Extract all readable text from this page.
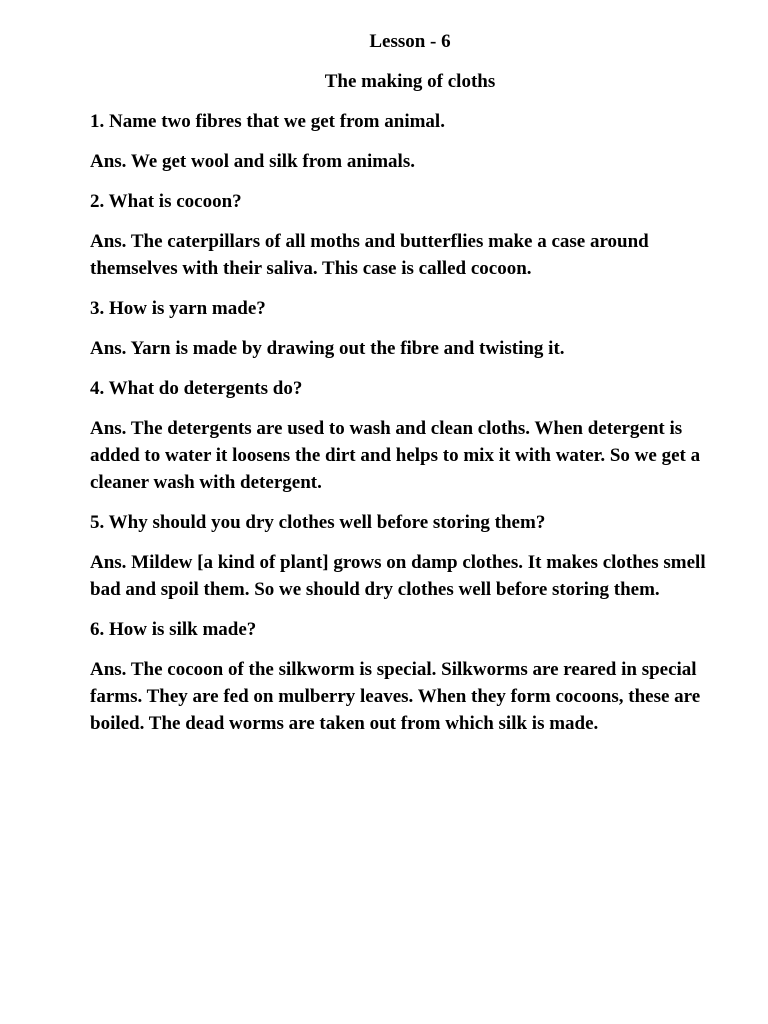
Lesson - 6

The making of cloths

1. Name two fibres that we get from animal.

Ans. We get wool and silk from animals.

2. What is cocoon?

Ans. The caterpillars of all moths and butterflies make a case around themselves with their saliva. This case is called cocoon.

3. How is yarn made?

Ans. Yarn is made by drawing out the fibre and twisting it.

4. What do detergents do?

Ans. The detergents are used to wash and clean cloths. When detergent is added to water it loosens the dirt and helps to mix it with water. So we get a cleaner wash with detergent.

5. Why should you dry clothes well before storing them?

Ans. Mildew [a kind of plant] grows on damp clothes. It makes clothes smell bad and spoil them. So we should dry clothes well before storing them.

6. How is silk made?

Ans. The cocoon of the silkworm is special. Silkworms are reared in special farms. They are fed on mulberry leaves. When they form cocoons, these are boiled. The dead worms are taken out from which silk is made.
